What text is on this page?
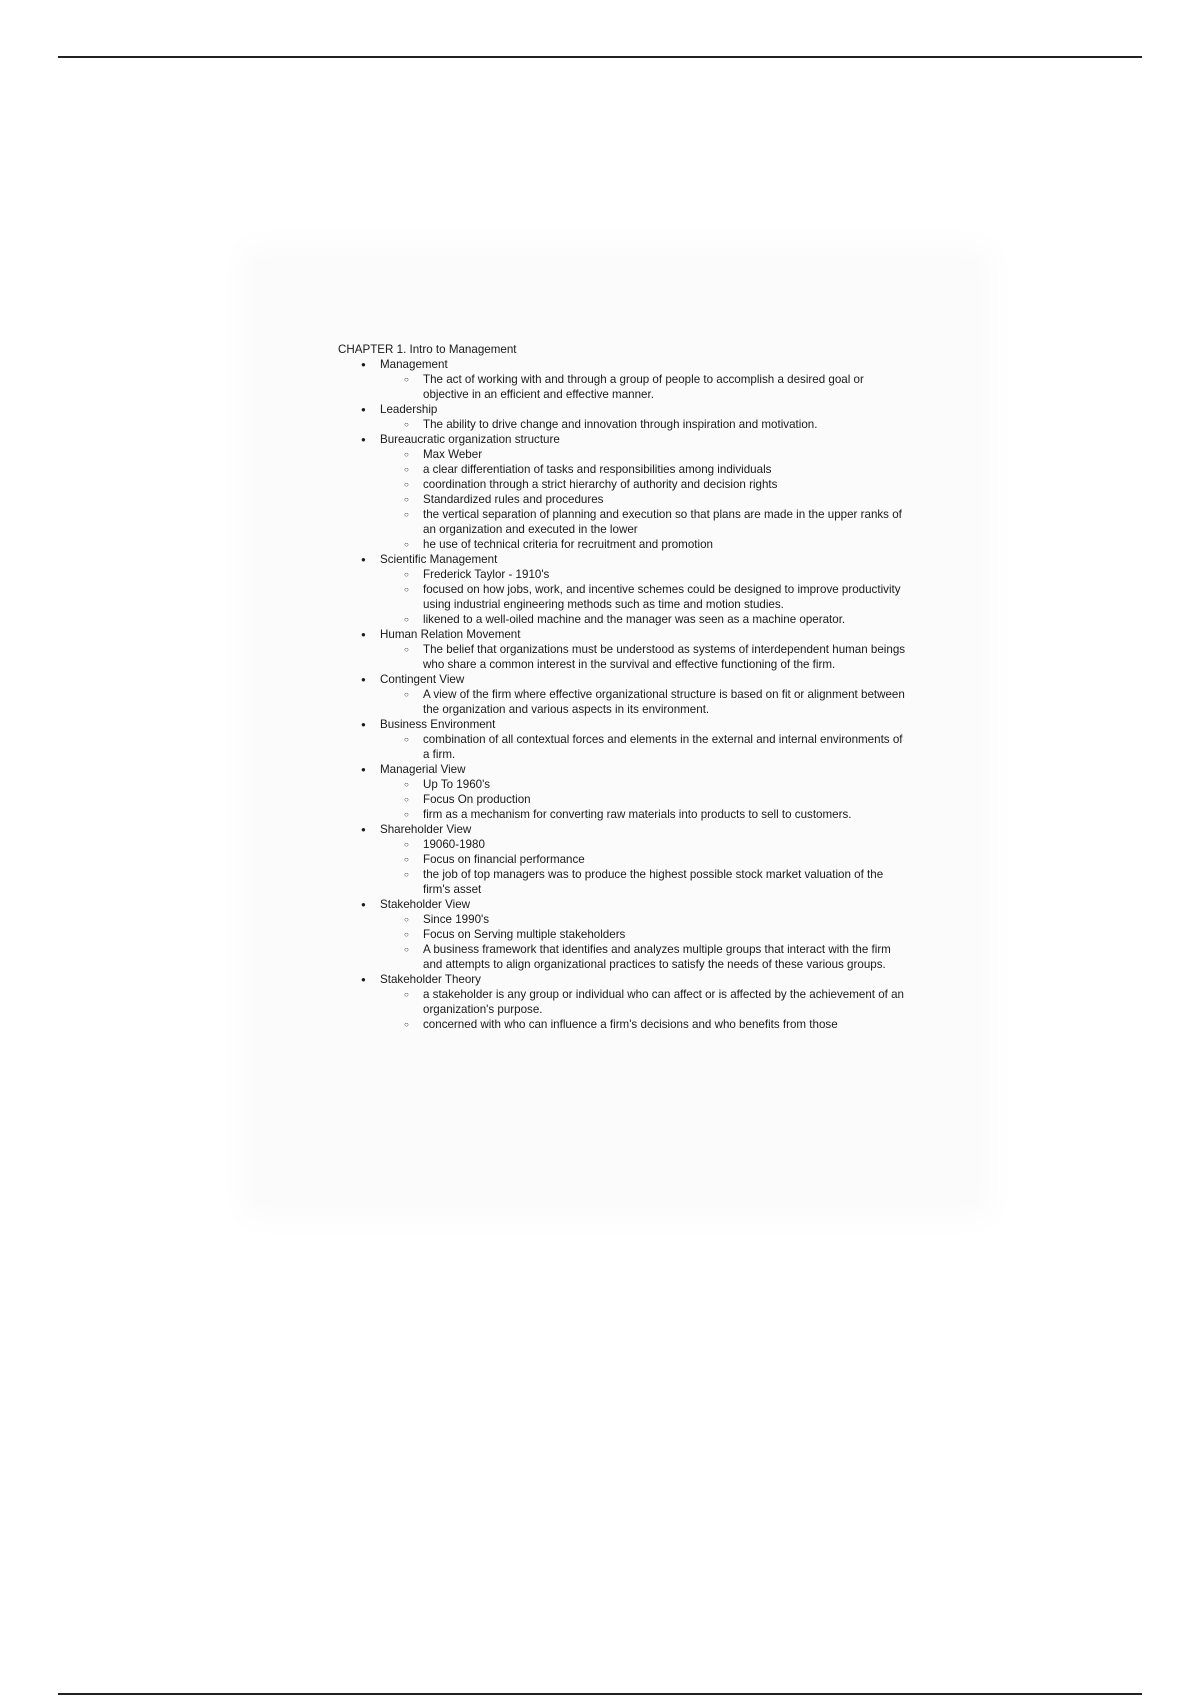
CHAPTER 1. Intro to Management
● Management
○ The act of working with and through a group of people to accomplish a desired goal or objective in an efficient and effective manner.
● Leadership
○ The ability to drive change and innovation through inspiration and motivation.
● Bureaucratic organization structure
○ Max Weber
○ a clear differentiation of tasks and responsibilities among individuals
○ coordination through a strict hierarchy of authority and decision rights
○ Standardized rules and procedures
○ the vertical separation of planning and execution so that plans are made in the upper ranks of an organization and executed in the lower
○ he use of technical criteria for recruitment and promotion
● Scientific Management
○ Frederick Taylor - 1910's
○ focused on how jobs, work, and incentive schemes could be designed to improve productivity using industrial engineering methods such as time and motion studies.
○ likened to a well-oiled machine and the manager was seen as a machine operator.
● Human Relation Movement
○ The belief that organizations must be understood as systems of interdependent human beings who share a common interest in the survival and effective functioning of the firm.
● Contingent View
○ A view of the firm where effective organizational structure is based on fit or alignment between the organization and various aspects in its environment.
● Business Environment
○ combination of all contextual forces and elements in the external and internal environments of a firm.
● Managerial View
○ Up To 1960's
○ Focus On production
○ firm as a mechanism for converting raw materials into products to sell to customers.
● Shareholder View
○ 19060-1980
○ Focus on financial performance
○ the job of top managers was to produce the highest possible stock market valuation of the firm's asset
● Stakeholder View
○ Since 1990's
○ Focus on Serving multiple stakeholders
○ A business framework that identifies and analyzes multiple groups that interact with the firm and attempts to align organizational practices to satisfy the needs of these various groups.
● Stakeholder Theory
○ a stakeholder is any group or individual who can affect or is affected by the achievement of an organization's purpose.
○ concerned with who can influence a firm's decisions and who benefits from those
